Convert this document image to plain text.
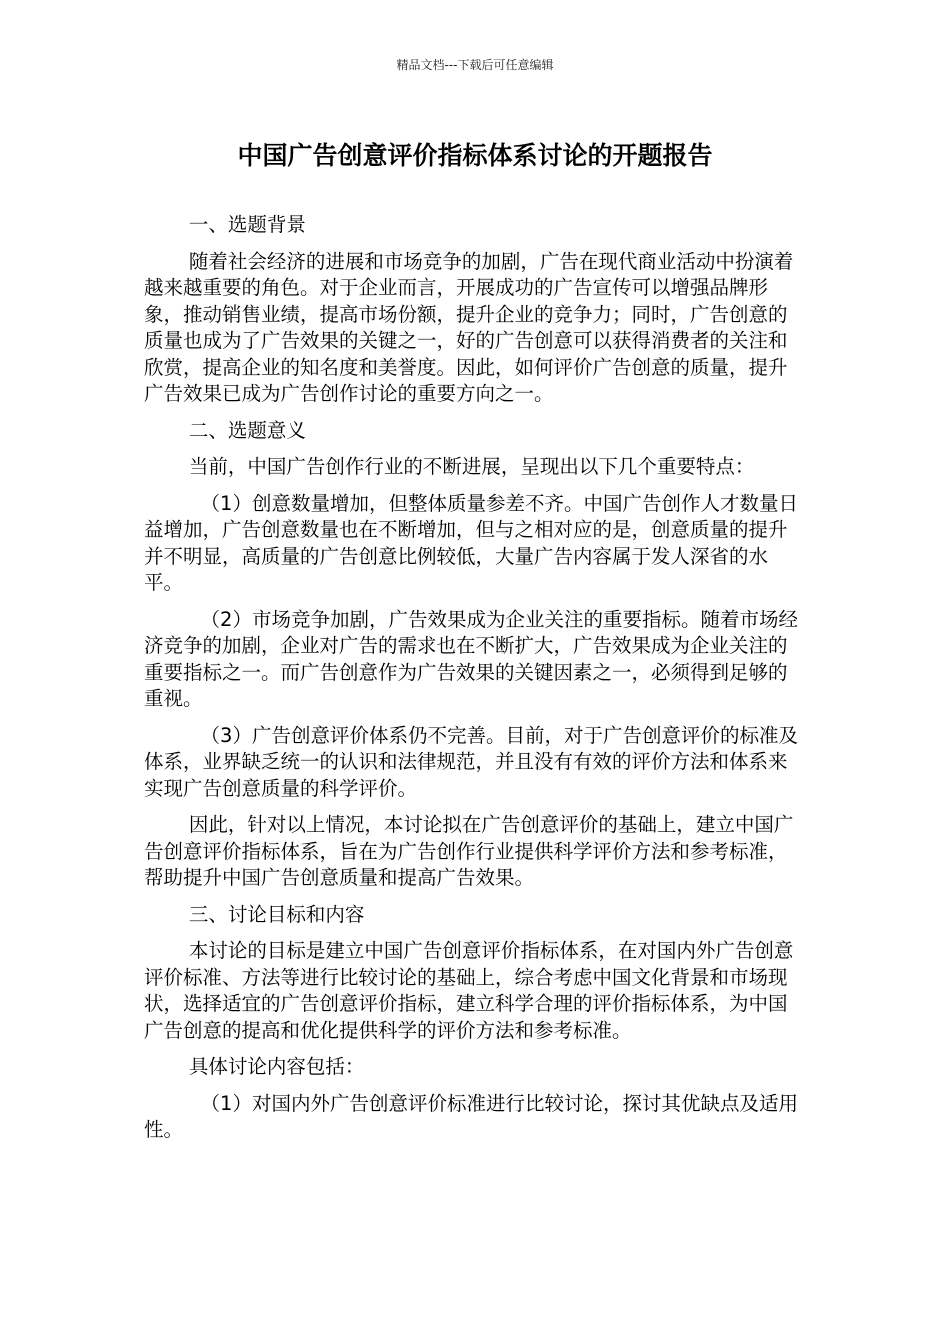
精品文档---下载后可任意编辑
中国广告创意评价指标体系讨论的开题报告

一、选题背景

随着社会经济的进展和市场竞争的加剧，广告在现代商业活动中扮演着越来越重要的角色。对于企业而言，开展成功的广告宣传可以增强品牌形象，推动销售业绩，提高市场份额，提升企业的竞争力；同时，广告创意的质量也成为了广告效果的关键之一，好的广告创意可以获得消费者的关注和欣赏，提高企业的知名度和美誉度。因此，如何评价广告创意的质量，提升广告效果已成为广告创作讨论的重要方向之一。

二、选题意义

当前，中国广告创作行业的不断进展，呈现出以下几个重要特点：

（1）创意数量增加，但整体质量参差不齐。中国广告创作人才数量日益增加，广告创意数量也在不断增加，但与之相对应的是，创意质量的提升并不明显，高质量的广告创意比例较低，大量广告内容属于发人深省的水平。

（2）市场竞争加剧，广告效果成为企业关注的重要指标。随着市场经济竞争的加剧，企业对广告的需求也在不断扩大，广告效果成为企业关注的重要指标之一。而广告创意作为广告效果的关键因素之一，必须得到足够的重视。

（3）广告创意评价体系仍不完善。目前，对于广告创意评价的标准及体系，业界缺乏统一的认识和法律规范，并且没有有效的评价方法和体系来实现广告创意质量的科学评价。

因此，针对以上情况，本讨论拟在广告创意评价的基础上，建立中国广告创意评价指标体系，旨在为广告创作行业提供科学评价方法和参考标准，帮助提升中国广告创意质量和提高广告效果。

三、讨论目标和内容

本讨论的目标是建立中国广告创意评价指标体系，在对国内外广告创意评价标准、方法等进行比较讨论的基础上，综合考虑中国文化背景和市场现状，选择适宜的广告创意评价指标，建立科学合理的评价指标体系，为中国广告创意的提高和优化提供科学的评价方法和参考标准。

具体讨论内容包括：

（1）对国内外广告创意评价标准进行比较讨论，探讨其优缺点及适用性。
